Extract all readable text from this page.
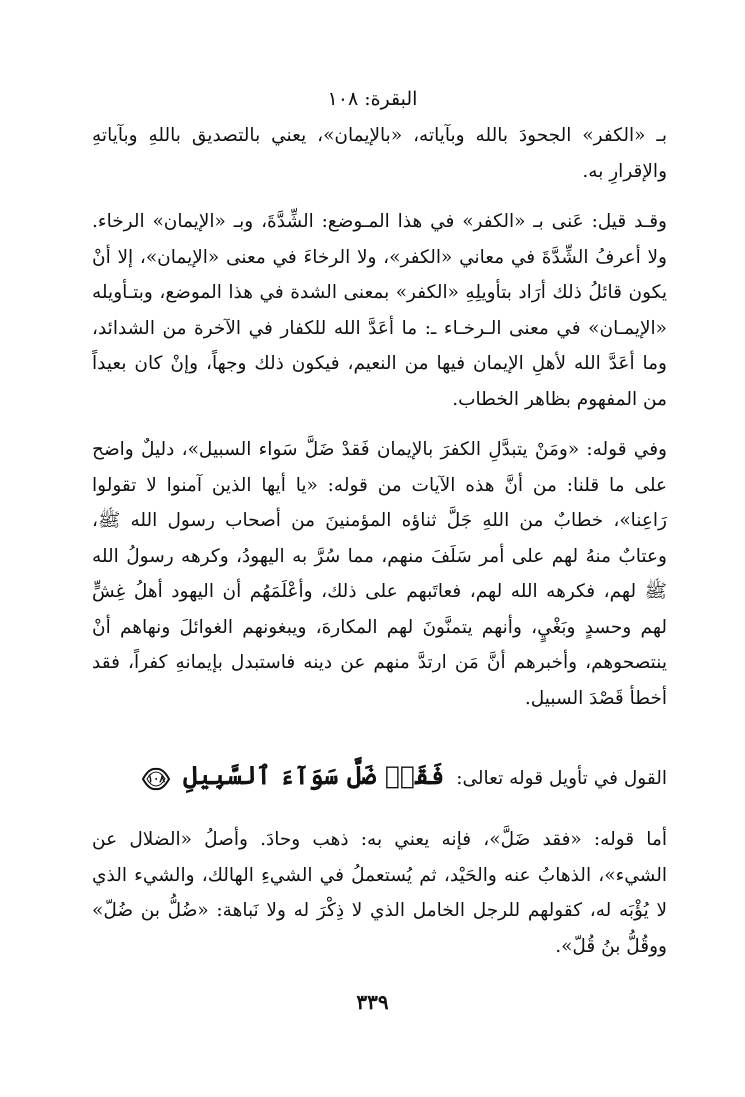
البقرة: ١٠٨

بـ «الكفر» الجحودَ بالله وبآياته، «بالإيمان»، يعني بالتصديق باللهِ وبآياتهِ والإقرارِ به.

وقـد قيل: عَنى بـ «الكفر» في هذا المـوضع: الشِّدَّةَ، وبـ «الإيمان» الرخاء. ولا أعرفُ الشِّدَّةَ في معاني «الكفر»، ولا الرخاءَ في معنى «الإيمان»، إلا أنْ يكون قائلُ ذلك أرَاد بتأويلِهِ «الكفر» بمعنى الشدة في هذا الموضع، وبتـأويله «الإيمـان» في معنى الـرخـاء ـ: ما أعَدَّ الله للكفار في الآخرة من الشدائد، وما أعَدَّ الله لأهلِ الإيمان فيها من النعيم، فيكون ذلك وجهاً، وإنْ كان بعيداً من المفهوم بظاهر الخطاب.

وفي قوله: «ومَنْ يتبدَّلِ الكفرَ بالإيمان فَقدْ ضَلَّ سَواء السبيل»، دليلٌ واضح على ما قلنا: من أنَّ هذه الآيات من قوله: «يا أيها الذين آمنوا لا تقولوا رَاعِنا»، خطابٌ من اللهِ جَلَّ ثناؤه المؤمنينَ من أصحاب رسول الله ﷺ، وعتابٌ منهُ لهم على أمر سَلَفَ منهم، مما سُرَّ به اليهودُ، وكرهه رسولُ الله ﷺ لهم، فكرهه الله لهم، فعاتَبهم على ذلك، وأعْلَمَهُم أن اليهود أهلُ غِشٍّ لهم وحسدٍ وبَغْيٍ، وأنهم يتمنَّونَ لهم المكارهَ، ويبغونهم الغوائلَ ونهاهم أنْ ينتصحوهم، وأخبرهم أنَّ مَن ارتدَّ منهم عن دينه فاستبدل بإيمانهِ كفراً، فقد أخطأ قَصْدَ السبيل.

القول في تأويل قوله تعالى: فَقَدۡ ضَلَّ سَوَآءَ ٱلسَّبِيلِ
١٠٨

أما قوله: «فقد ضَلَّ»، فإنه يعني به: ذهب وحادَ. وأصلُ «الضلال عن الشيء»، الذهابُ عنه والحَيْد، ثم يُستعملُ في الشيءِ الهالك، والشيء الذي لا يُؤْبَه له، كقولهم للرجل الخامل الذي لا ذِكْرَ له ولا نَباهة: «ضُلُّ بن ضُلّ» ووقُلُّ بنُ قُلّ».

٣٣٩
